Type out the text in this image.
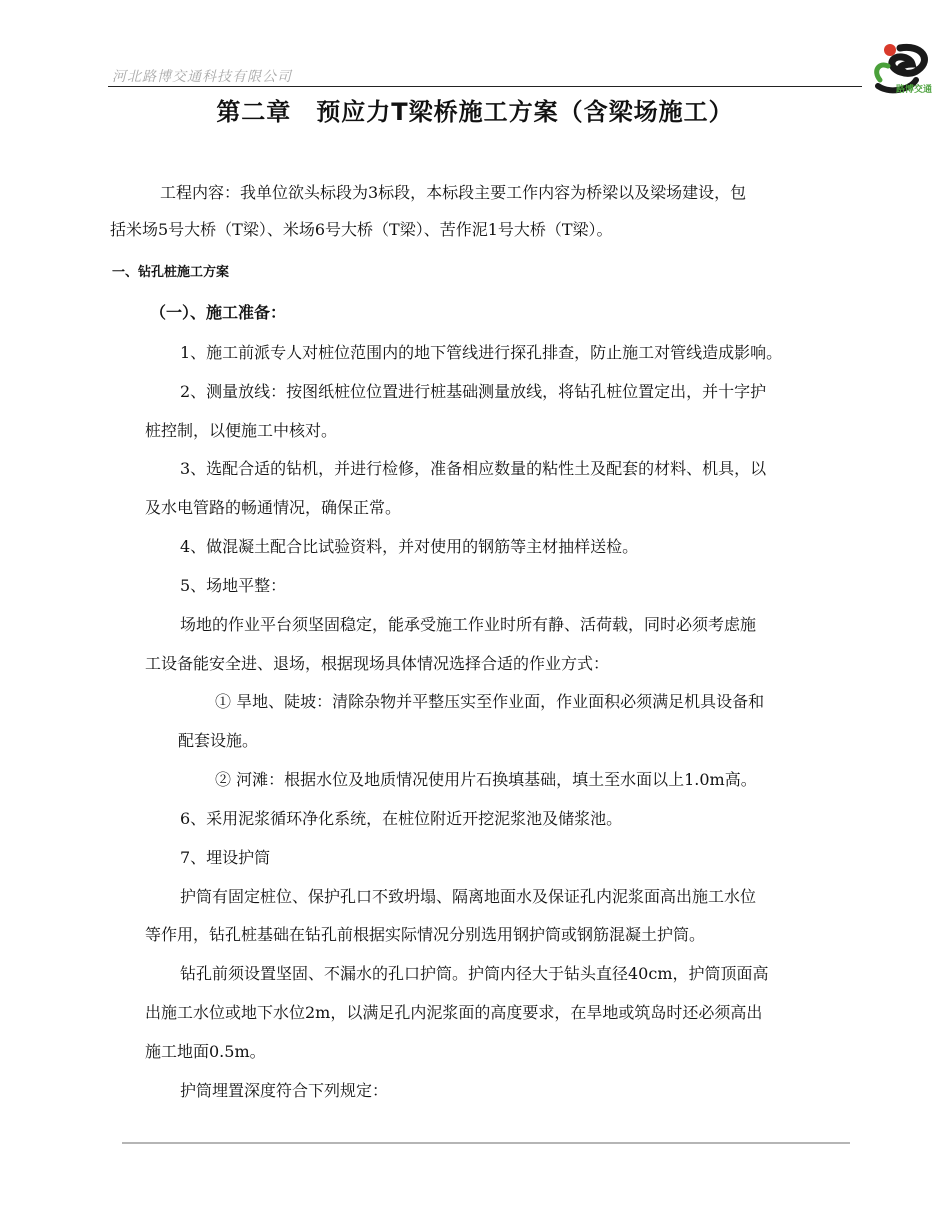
河北路博交通科技有限公司
路博交通
第二章　预应力T梁桥施工方案（含梁场施工）
工程内容：我单位欲头标段为3标段，本标段主要工作内容为桥梁以及梁场建设，包
括米场5号大桥（T梁）、米场6号大桥（T梁）、苦作泥1号大桥（T梁）。
一、钻孔桩施工方案
（一）、施工准备：
1、施工前派专人对桩位范围内的地下管线进行探孔排查，防止施工对管线造成影响。
2、测量放线：按图纸桩位位置进行桩基础测量放线，将钻孔桩位置定出，并十字护
桩控制，以便施工中核对。
3、选配合适的钻机，并进行检修，准备相应数量的粘性土及配套的材料、机具，以
及水电管路的畅通情况，确保正常。
4、做混凝土配合比试验资料，并对使用的钢筋等主材抽样送检。
5、场地平整：
场地的作业平台须坚固稳定，能承受施工作业时所有静、活荷载，同时必须考虑施
工设备能安全进、退场，根据现场具体情况选择合适的作业方式：
① 旱地、陡坡：清除杂物并平整压实至作业面，作业面积必须满足机具设备和
配套设施。
② 河滩：根据水位及地质情况使用片石换填基础，填土至水面以上1.0m高。
6、采用泥浆循环净化系统，在桩位附近开挖泥浆池及储浆池。
7、埋设护筒
护筒有固定桩位、保护孔口不致坍塌、隔离地面水及保证孔内泥浆面高出施工水位
等作用，钻孔桩基础在钻孔前根据实际情况分别选用钢护筒或钢筋混凝土护筒。
钻孔前须设置坚固、不漏水的孔口护筒。护筒内径大于钻头直径40cm，护筒顶面高
出施工水位或地下水位2m，以满足孔内泥浆面的高度要求，在旱地或筑岛时还必须高出
施工地面0.5m。
护筒埋置深度符合下列规定：
